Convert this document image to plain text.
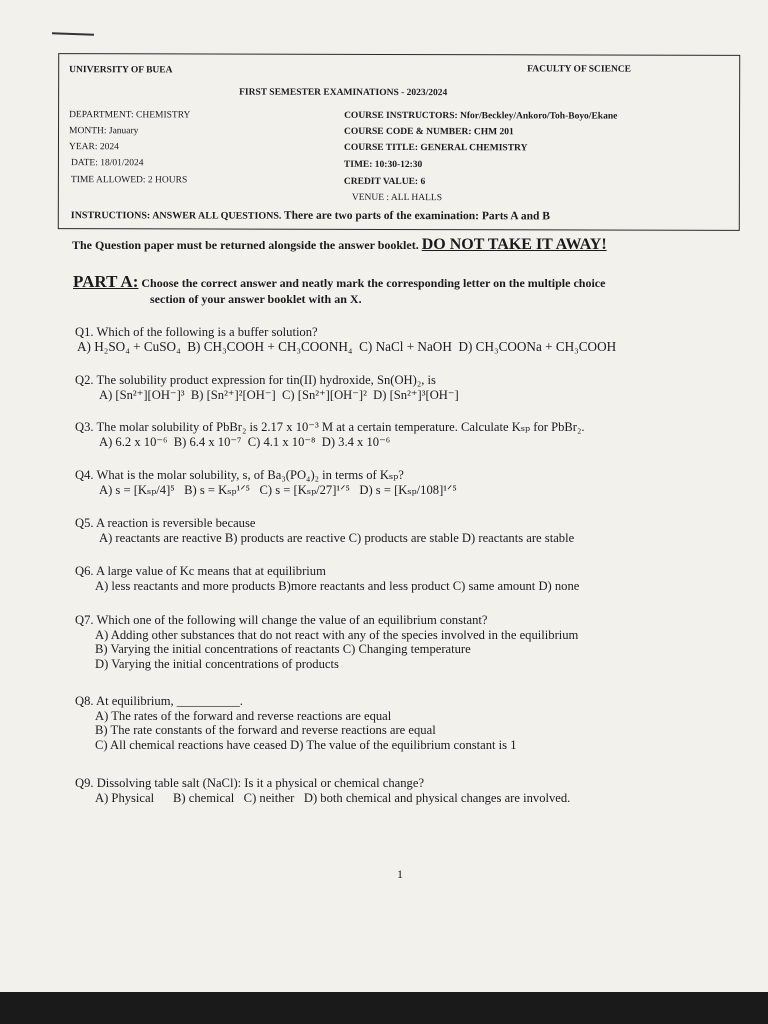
UNIVERSITY OF BUEA	FACULTY OF SCIENCE
FIRST SEMESTER EXAMINATIONS - 2023/2024
DEPARTMENT: CHEMISTRY
MONTH: January
YEAR: 2024
DATE: 18/01/2024
TIME ALLOWED: 2 HOURS
COURSE INSTRUCTORS: Nfor/Beckley/Ankoro/Toh-Boyo/Ekane
COURSE CODE & NUMBER: CHM 201
COURSE TITLE: GENERAL CHEMISTRY
TIME: 10:30-12:30
CREDIT VALUE: 6
VENUE : ALL HALLS
INSTRUCTIONS: ANSWER ALL QUESTIONS. There are two parts of the examination: Parts A and B
The Question paper must be returned alongside the answer booklet. DO NOT TAKE IT AWAY!
PART A: Choose the correct answer and neatly mark the corresponding letter on the multiple choice
section of your answer booklet with an X.
Q1. Which of the following is a buffer solution?
A) H₂SO₄ + CuSO₄ B) CH₃COOH + CH₃COONH₄ C) NaCl + NaOH D) CH₃COONa + CH₃COOH
Q2. The solubility product expression for tin(II) hydroxide, Sn(OH)₂, is
A) [Sn²⁺][OH⁻]³ B) [Sn²⁺]²[OH⁻] C) [Sn²⁺][OH⁻]² D) [Sn²⁺]³[OH⁻]
Q3. The molar solubility of PbBr₂ is 2.17 x 10⁻³ M at a certain temperature. Calculate Kₛₚ for PbBr₂.
A) 6.2 x 10⁻⁶ B) 6.4 x 10⁻⁷ C) 4.1 x 10⁻⁸ D) 3.4 x 10⁻⁶
Q4. What is the molar solubility, s, of Ba₃(PO₄)₂ in terms of Kₛₚ?
A) s = [Kₛₚ/4]⁵ B) s = Kₛₚ¹ᐟ⁵ C) s = [Kₛₚ/27]¹ᐟ⁵ D) s = [Kₛₚ/108]¹ᐟ⁵
Q5. A reaction is reversible because
A) reactants are reactive B) products are reactive C) products are stable D) reactants are stable
Q6. A large value of Kc means that at equilibrium
A) less reactants and more products B)more reactants and less product C) same amount D) none
Q7. Which one of the following will change the value of an equilibrium constant?
A) Adding other substances that do not react with any of the species involved in the equilibrium
B) Varying the initial concentrations of reactants C) Changing temperature
D) Varying the initial concentrations of products
Q8. At equilibrium, __________.
A) The rates of the forward and reverse reactions are equal
B) The rate constants of the forward and reverse reactions are equal
C) All chemical reactions have ceased D) The value of the equilibrium constant is 1
Q9. Dissolving table salt (NaCl): Is it a physical or chemical change?
A) Physical B) chemical C) neither D) both chemical and physical changes are involved.
1
